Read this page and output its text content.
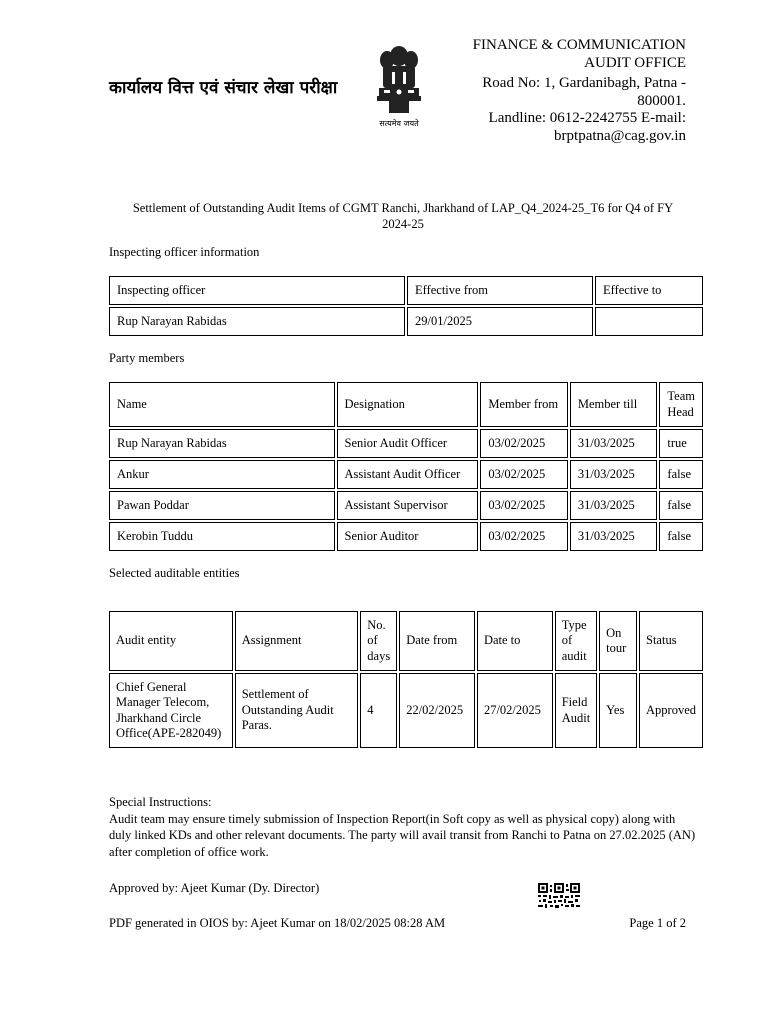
कार्यालय वित्त एवं संचार लेखा परीक्षा
सत्यमेव जयते
FINANCE & COMMUNICATION
AUDIT OFFICE
Road No: 1, Gardanibagh, Patna -
800001.
Landline: 0612-2242755 E-mail:
brptpatna@cag.gov.in
Settlement of Outstanding Audit Items of CGMT Ranchi, Jharkhand of LAP_Q4_2024-25_T6 for Q4 of FY
2024-25
Inspecting officer information
Inspecting officer	Effective from	Effective to
Rup Narayan Rabidas	29/01/2025	
Party members
Name	Designation	Member from	Member till	Team Head
Rup Narayan Rabidas	Senior Audit Officer	03/02/2025	31/03/2025	true
Ankur	Assistant Audit Officer	03/02/2025	31/03/2025	false
Pawan Poddar	Assistant Supervisor	03/02/2025	31/03/2025	false
Kerobin Tuddu	Senior Auditor	03/02/2025	31/03/2025	false
Selected auditable entities
Audit entity	Assignment	No. of days	Date from	Date to	Type of audit	On tour	Status
Chief General Manager Telecom, Jharkhand Circle Office(APE-282049)	Settlement of Outstanding Audit Paras.	4	22/02/2025	27/02/2025	Field Audit	Yes	Approved
Special Instructions:
Audit team may ensure timely submission of Inspection Report(in Soft copy as well as physical copy) along with duly linked KDs and other relevant documents. The party will avail transit from Ranchi to Patna on 27.02.2025 (AN) after completion of office work.
Approved by: Ajeet Kumar (Dy. Director)
PDF generated in OIOS by: Ajeet Kumar on 18/02/2025 08:28 AM	Page 1 of 2
